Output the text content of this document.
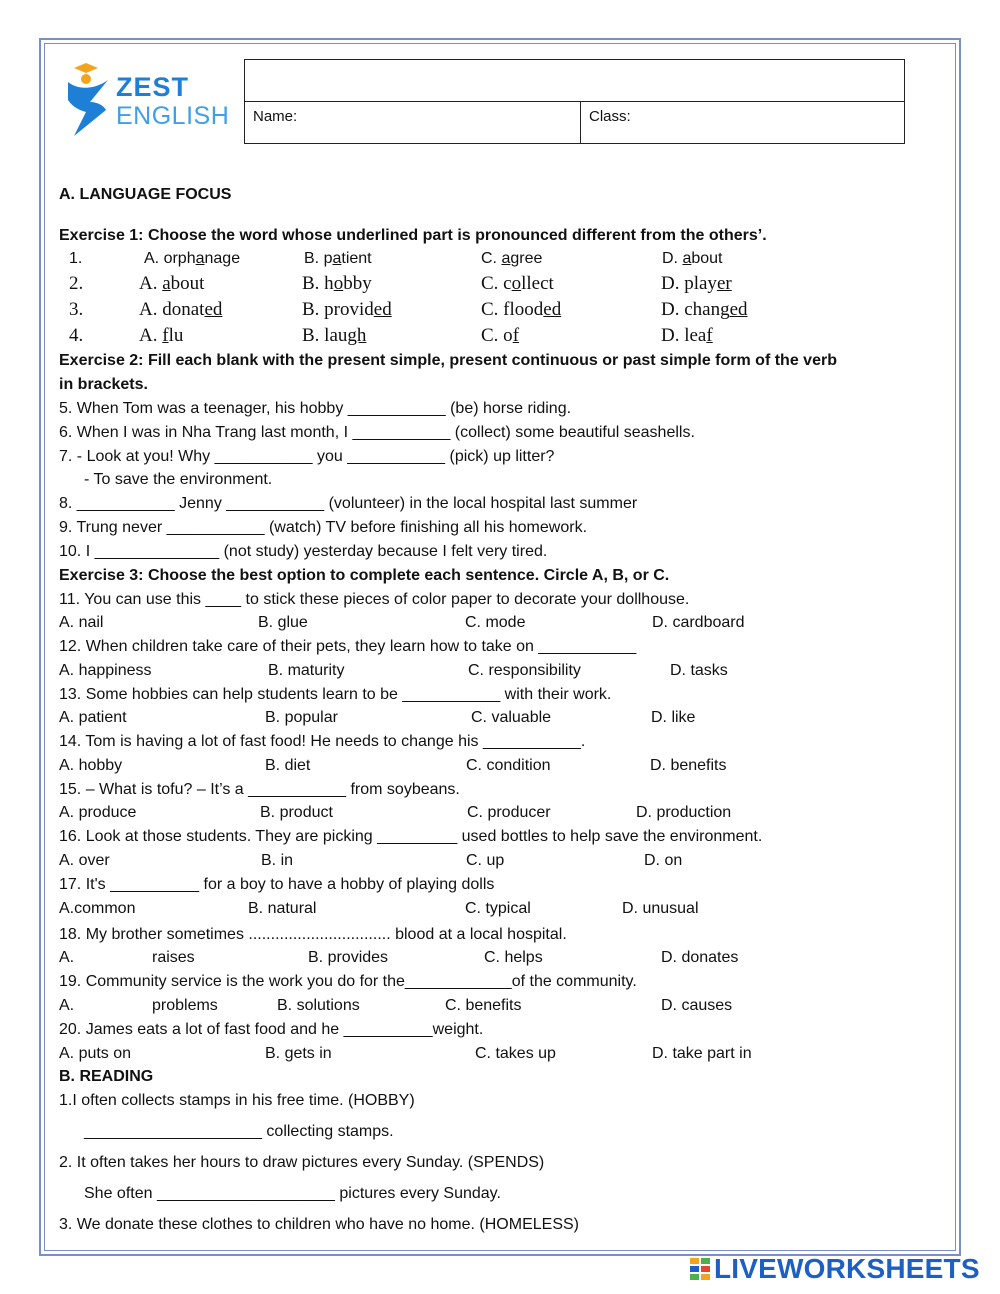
ZEST
ENGLISH Name:	Class:
A. LANGUAGE FOCUS
Exercise 1: Choose the word whose underlined part is pronounced different from the others’.
1.	A. orphanage	B. patient	C. agree	D. about
2.	A. about	B. hobby	C. collect	D. player
3.	A. donated	B. provided	C. flooded	D. changed
4.	A. flu	B. laugh	C. of	D. leaf
Exercise 2: Fill each blank with the present simple, present continuous or past simple form of the verb
in brackets.
5. When Tom was a teenager, his hobby ___________ (be) horse riding.
6. When I was in Nha Trang last month, I ___________ (collect) some beautiful seashells.
7. - Look at you! Why ___________ you ___________ (pick) up litter?
- To save the environment.
8. ___________ Jenny ___________ (volunteer) in the local hospital last summer
9. Trung never ___________ (watch) TV before finishing all his homework.
10. I ______________ (not study) yesterday because I felt very tired.
Exercise 3: Choose the best option to complete each sentence. Circle A, B, or C.
11. You can use this ____ to stick these pieces of color paper to decorate your dollhouse.
A. nail	B. glue	C. mode	D. cardboard
12. When children take care of their pets, they learn how to take on ___________
A. happiness	B. maturity	C. responsibility	D. tasks
13. Some hobbies can help students learn to be ___________ with their work.
A. patient	B. popular	C. valuable	D. like
14. Tom is having a lot of fast food! He needs to change his ___________.
A. hobby	B. diet	C. condition	D. benefits
15. – What is tofu? – It’s a ___________ from soybeans.
A. produce	B. product	C. producer	D. production
16. Look at those students. They are picking _________ used bottles to help save the environment.
A. over	B. in	C. up	D. on
17. It's __________ for a boy to have a hobby of playing dolls
A.common	B. natural	C. typical	D. unusual
18. My brother sometimes ................................ blood at a local hospital.
A.	raises	B. provides	C. helps	D. donates
19. Community service is the work you do for the____________of the community.
A.	problems	B. solutions	C. benefits	D. causes
20. James eats a lot of fast food and he __________weight.
A. puts on	B. gets in	C. takes up	D. take part in
B. READING
1.I often collects stamps in his free time. (HOBBY)
____________________ collecting stamps.
2. It often takes her hours to draw pictures every Sunday. (SPENDS)
She often ____________________ pictures every Sunday.
3. We donate these clothes to children who have no home. (HOMELESS)
LIVEWORKSHEETS
